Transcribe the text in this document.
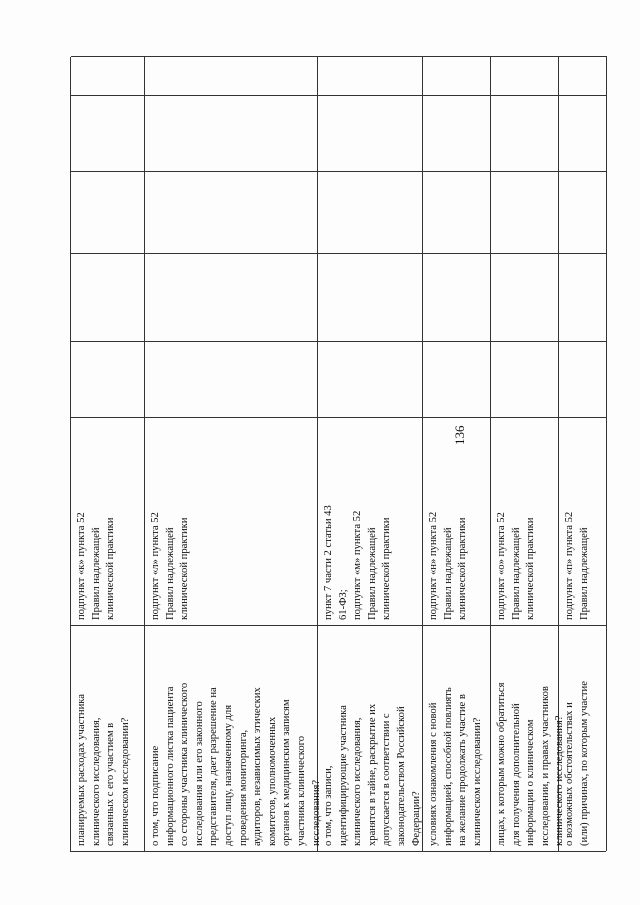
136
планируемых расходах участника клинического исследования, связанных с его участием в клиническом исследовании?
подпункт «к» пункта 52 Правил надлежащей клинической практики
о том, что подписание информационного листка пациента со стороны участника клинического исследования или его законного представителя, дает разрешение на доступ лицу, назначенному для проведения мониторинга, аудиторов, независимых этических комитетов, уполномоченных органов к медицинским записям участника клинического исследования?
подпункт «л» пункта 52 Правил надлежащей клинической практики
о том, что записи, идентифицирующие участника клинического исследования, хранятся в тайне, раскрытие их допускается в соответствии с законодательством Российской Федерации?
пункт 7 части 2 статьи 43 61-ФЗ; подпункт «м» пункта 52 Правил надлежащей клинической практики
условиях ознакомления с новой информацией, способной повлиять на желание продолжать участие в клиническом исследовании?
подпункт «н» пункта 52 Правил надлежащей клинической практики
лицах, к которым можно обратиться для получения дополнительной информации о клиническом исследовании, и правах участников клинического исследования?
подпункт «о» пункта 52 Правил надлежащей клинической практики
о возможных обстоятельствах и (или) причинах, по которым участие
подпункт «п» пункта 52 Правил надлежащей
